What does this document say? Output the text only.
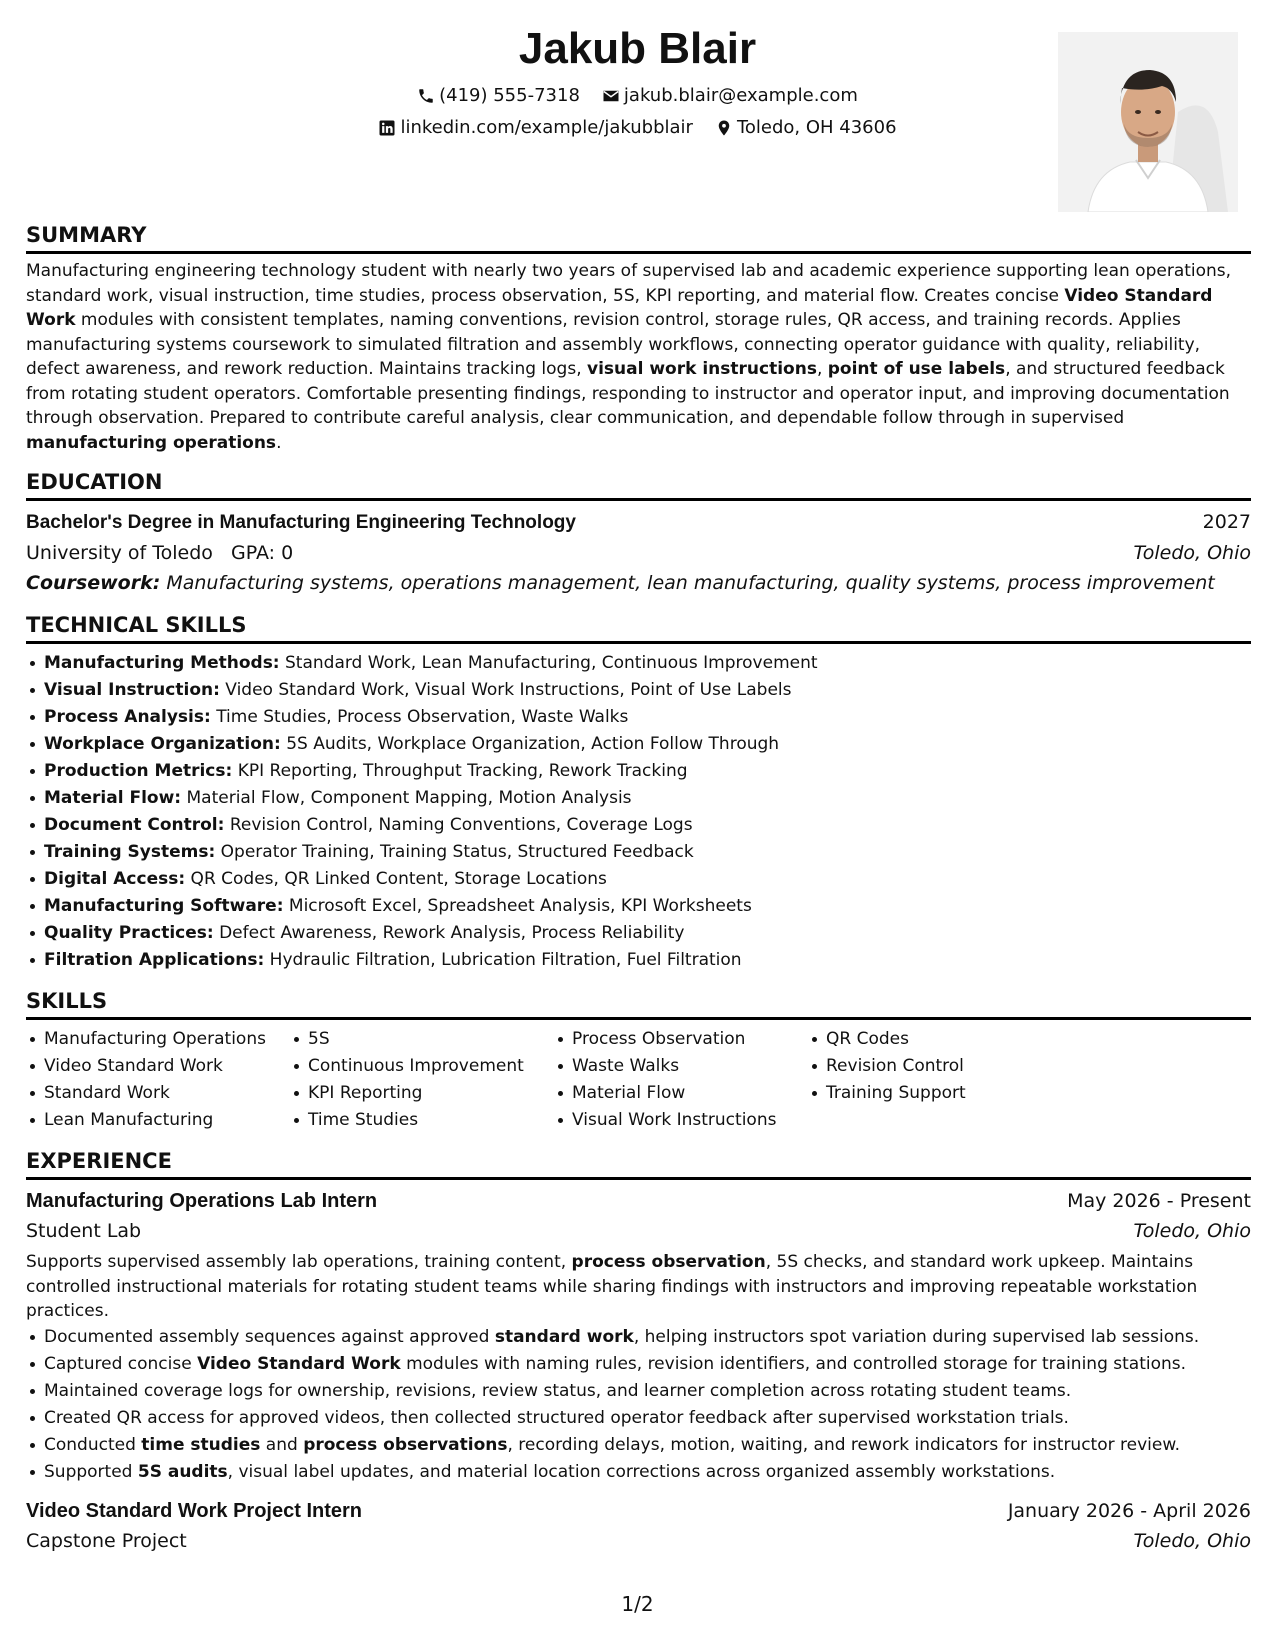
Jakub Blair
(419) 555-7318 jakub.blair@example.com
linkedin.com/example/jakubblair Toledo, OH 43606
SUMMARY

Manufacturing engineering technology student with nearly two years of supervised lab and academic experience supporting lean operations, standard work, visual instruction, time studies, process observation, 5S, KPI reporting, and material flow. Creates concise Video Standard Work modules with consistent templates, naming conventions, revision control, storage rules, QR access, and training records. Applies manufacturing systems coursework to simulated filtration and assembly workflows, connecting operator guidance with quality, reliability, defect awareness, and rework reduction. Maintains tracking logs, visual work instructions, point of use labels, and structured feedback from rotating student operators. Comfortable presenting findings, responding to instructor and operator input, and improving documentation through observation. Prepared to contribute careful analysis, clear communication, and dependable follow through in supervised manufacturing operations.

EDUCATION
Bachelor's Degree in Manufacturing Engineering Technology	2027
University of Toledo GPA: 0	Toledo, Ohio
Coursework: Manufacturing systems, operations management, lean manufacturing, quality systems, process improvement
TECHNICAL SKILLS
Manufacturing Methods: Standard Work, Lean Manufacturing, Continuous Improvement
Visual Instruction: Video Standard Work, Visual Work Instructions, Point of Use Labels
Process Analysis: Time Studies, Process Observation, Waste Walks
Workplace Organization: 5S Audits, Workplace Organization, Action Follow Through
Production Metrics: KPI Reporting, Throughput Tracking, Rework Tracking
Material Flow: Material Flow, Component Mapping, Motion Analysis
Document Control: Revision Control, Naming Conventions, Coverage Logs
Training Systems: Operator Training, Training Status, Structured Feedback
Digital Access: QR Codes, QR Linked Content, Storage Locations
Manufacturing Software: Microsoft Excel, Spreadsheet Analysis, KPI Worksheets
Quality Practices: Defect Awareness, Rework Analysis, Process Reliability
Filtration Applications: Hydraulic Filtration, Lubrication Filtration, Fuel Filtration
SKILLS
Manufacturing Operations
Video Standard Work
Standard Work
Lean Manufacturing
5S
Continuous Improvement
KPI Reporting
Time Studies
Process Observation
Waste Walks
Material Flow
Visual Work Instructions
QR Codes
Revision Control
Training Support
EXPERIENCE
Manufacturing Operations Lab Intern	May 2026 - Present
Student Lab	Toledo, Ohio

Supports supervised assembly lab operations, training content, process observation, 5S checks, and standard work upkeep. Maintains controlled instructional materials for rotating student teams while sharing findings with instructors and improving repeatable workstation practices.

Documented assembly sequences against approved standard work, helping instructors spot variation during supervised lab sessions.
Captured concise Video Standard Work modules with naming rules, revision identifiers, and controlled storage for training stations.
Maintained coverage logs for ownership, revisions, review status, and learner completion across rotating student teams.
Created QR access for approved videos, then collected structured operator feedback after supervised workstation trials.
Conducted time studies and process observations, recording delays, motion, waiting, and rework indicators for instructor review.
Supported 5S audits, visual label updates, and material location corrections across organized assembly workstations.
Video Standard Work Project Intern	January 2026 - April 2026
Capstone Project	Toledo, Ohio
1/2
